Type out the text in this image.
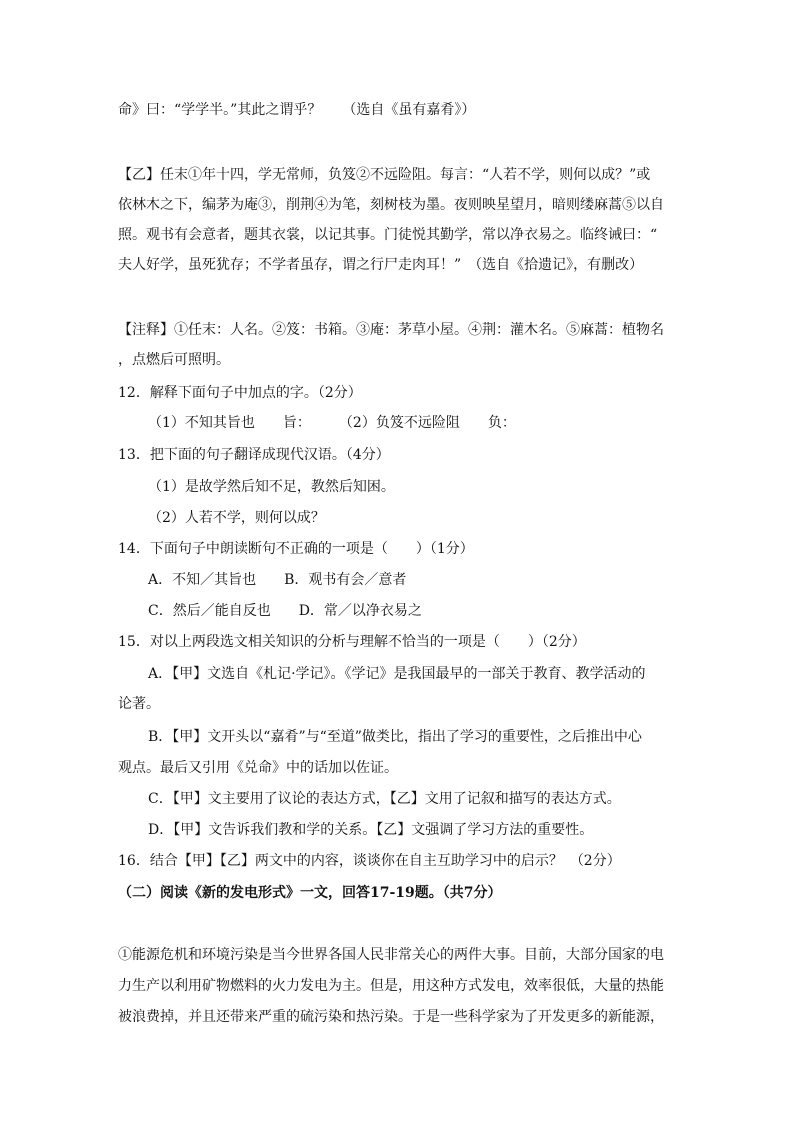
命》曰：“学学半。”其此之谓乎？　　（选自《虽有嘉肴》）
【乙】任末①年十四，学无常师，负笈②不远险阻。每言：“人若不学，则何以成？”或
依林木之下，编茅为庵③，削荆④为笔，刻树枝为墨。夜则映星望月，暗则缕麻蒿⑤以自
照。观书有会意者，题其衣裳，以记其事。门徒悦其勤学，常以净衣易之。临终诫曰：“
夫人好学，虽死犹存；不学者虽存，谓之行尸走肉耳！”　（选自《拾遗记》，有删改）
【注释】①任末：人名。②笈：书箱。③庵：茅草小屋。④荆：灌木名。⑤麻蒿：植物名
，点燃后可照明。
12．解释下面句子中加点的字。（2分）
（1）不知其旨也　　旨：　　　（2）负笈不远险阻　　负：
13．把下面的句子翻译成现代汉语。（4分）
（1）是故学然后知不足，教然后知困。
（2）人若不学，则何以成？
14．下面句子中朗读断句不正确的一项是（　　）（1分）
A．不知／其旨也　　B．观书有会／意者
C．然后／能自反也　　D．常／以净衣易之
15．对以上两段选文相关知识的分析与理解不恰当的一项是（　　）（2分）
A．【甲】文选自《札记·学记》。《学记》是我国最早的一部关于教育、教学活动的
论著。
B．【甲】文开头以“嘉肴”与“至道”做类比，指出了学习的重要性，之后推出中心
观点。最后又引用《兑命》中的话加以佐证。
C．【甲】文主要用了议论的表达方式，【乙】文用了记叙和描写的表达方式。
D．【甲】文告诉我们教和学的关系。【乙】文强调了学习方法的重要性。
16．结合【甲】【乙】两文中的内容，谈谈你在自主互助学习中的启示？　（2分）
（二）阅读《新的发电形式》一文，回答17-19题。（共7分）
①能源危机和环境污染是当今世界各国人民非常关心的两件大事。目前，大部分国家的电
力生产以利用矿物燃料的火力发电为主。但是，用这种方式发电，效率很低，大量的热能
被浪费掉，并且还带来严重的硫污染和热污染。于是一些科学家为了开发更多的新能源，
